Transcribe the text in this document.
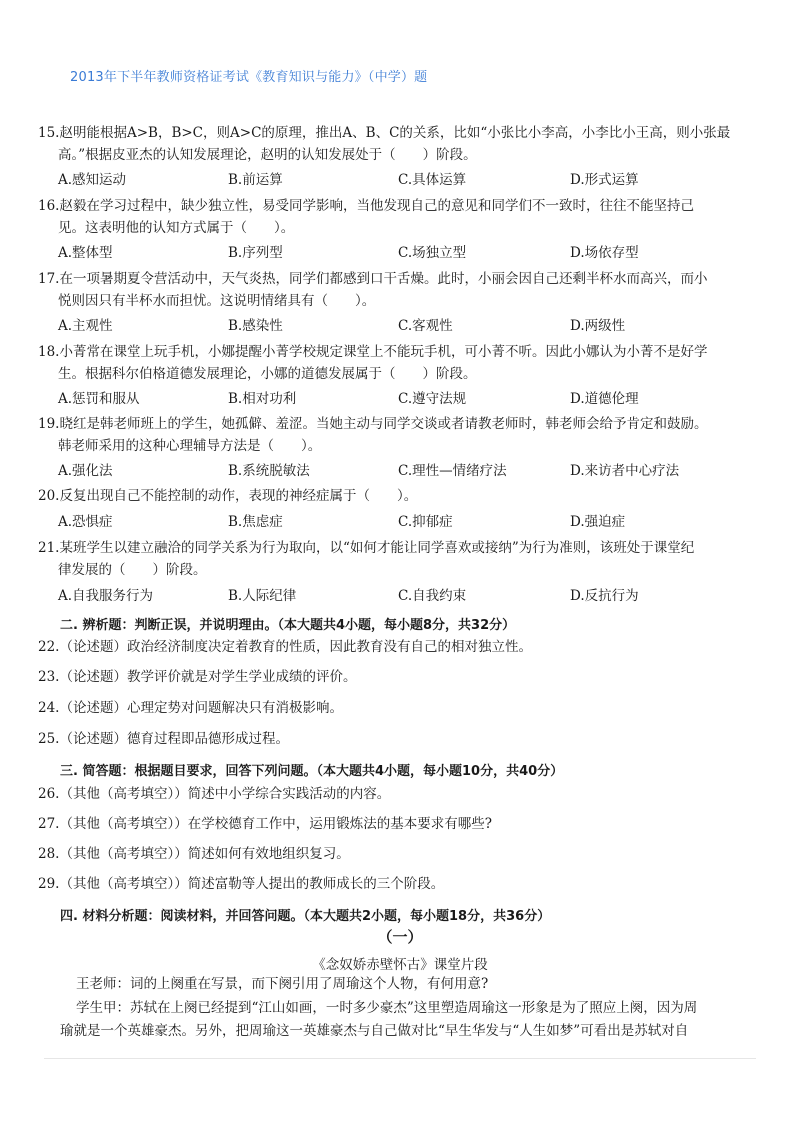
2013年下半年教师资格证考试《教育知识与能力》（中学）题
15.赵明能根据A>B，B>C，则A>C的原理，推出A、B、C的关系，比如“小张比小李高，小李比小王高，则小张最
高。”根据皮亚杰的认知发展理论，赵明的认知发展处于（　　）阶段。
A.感知运动	B.前运算	C.具体运算	D.形式运算
16.赵毅在学习过程中，缺少独立性，易受同学影响，当他发现自己的意见和同学们不一致时，往往不能坚持己
见。这表明他的认知方式属于（　　）。
A.整体型	B.序列型	C.场独立型	D.场依存型
17.在一项暑期夏令营活动中，天气炎热，同学们都感到口干舌燥。此时，小丽会因自己还剩半杯水而高兴，而小
悦则因只有半杯水而担忧。这说明情绪具有（　　）。
A.主观性	B.感染性	C.客观性	D.两级性
18.小菁常在课堂上玩手机，小娜提醒小菁学校规定课堂上不能玩手机，可小菁不听。因此小娜认为小菁不是好学
生。根据科尔伯格道德发展理论，小娜的道德发展属于（　　）阶段。
A.惩罚和服从	B.相对功利	C.遵守法规	D.道德伦理
19.晓红是韩老师班上的学生，她孤僻、羞涩。当她主动与同学交谈或者请教老师时，韩老师会给予肯定和鼓励。
韩老师采用的这种心理辅导方法是（　　）。
A.强化法	B.系统脱敏法	C.理性—情绪疗法	D.来访者中心疗法
20.反复出现自己不能控制的动作，表现的神经症属于（　　）。
A.恐惧症	B.焦虑症	C.抑郁症	D.强迫症
21.某班学生以建立融洽的同学关系为行为取向，以“如何才能让同学喜欢或接纳”为行为准则，该班处于课堂纪
律发展的（　　）阶段。
A.自我服务行为	B.人际纪律	C.自我约束	D.反抗行为
二. 辨析题：判断正误，并说明理由。（本大题共4小题，每小题8分，共32分）
22.（论述题）政治经济制度决定着教育的性质，因此教育没有自己的相对独立性。
23.（论述题）教学评价就是对学生学业成绩的评价。
24.（论述题）心理定势对问题解决只有消极影响。
25.（论述题）德育过程即品德形成过程。
三. 简答题：根据题目要求，回答下列问题。（本大题共4小题，每小题10分，共40分）
26.（其他（高考填空））简述中小学综合实践活动的内容。
27.（其他（高考填空））在学校德育工作中，运用锻炼法的基本要求有哪些?
28.（其他（高考填空））简述如何有效地组织复习。
29.（其他（高考填空））简述富勒等人提出的教师成长的三个阶段。
四. 材料分析题：阅读材料，并回答问题。（本大题共2小题，每小题18分，共36分）
（一）
《念奴娇赤壁怀古》课堂片段
王老师：词的上阕重在写景，而下阕引用了周瑜这个人物，有何用意?
学生甲：苏轼在上阕已经提到“江山如画，一时多少豪杰”这里塑造周瑜这一形象是为了照应上阕，因为周
瑜就是一个英雄豪杰。另外，把周瑜这一英雄豪杰与自己做对比“早生华发与“人生如梦”可看出是苏轼对自
